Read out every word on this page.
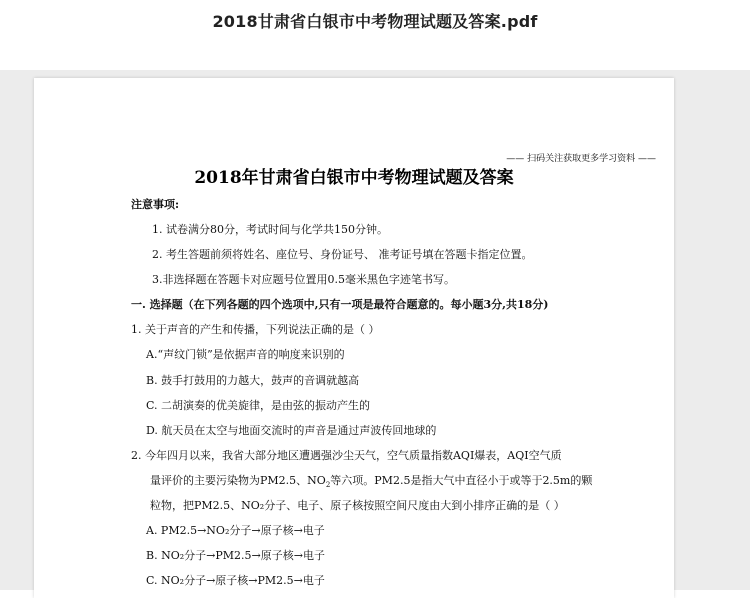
2018甘肃省白银市中考物理试题及答案.pdf
—— 扫码关注获取更多学习资料 ——
2018年甘肃省白银市中考物理试题及答案
注意事项:
1. 试卷满分80分，考试时间与化学共150分钟。
2. 考生答题前须将姓名、座位号、身份证号、 准考证号填在答题卡指定位置。
3.非选择题在答题卡对应题号位置用0.5毫米黑色字迹笔书写。
一. 选择题（在下列各题的四个选项中,只有一项是最符合题意的。每小题3分,共18分)
1. 关于声音的产生和传播，下列说法正确的是（ ）
A.“声纹门锁”是依据声音的响度来识别的
B. 鼓手打鼓用的力越大，鼓声的音调就越高
C. 二胡演奏的优美旋律，是由弦的振动产生的
D. 航天员在太空与地面交流时的声音是通过声波传回地球的
2. 今年四月以来，我省大部分地区遭遇强沙尘天气，空气质量指数AQI爆表，AQI空气质
量评价的主要污染物为PM2.5、$NO_2$等六项。PM2.5是指大气中直径小于或等于2.5m的颗
粒物，把PM2.5、NO₂分子、电子、原子核按照空间尺度由大到小排序正确的是（ ）
A. PM2.5→NO₂分子→原子核→电子
B. NO₂分子→PM2.5→原子核→电子
C. NO₂分子→原子核→PM2.5→电子
